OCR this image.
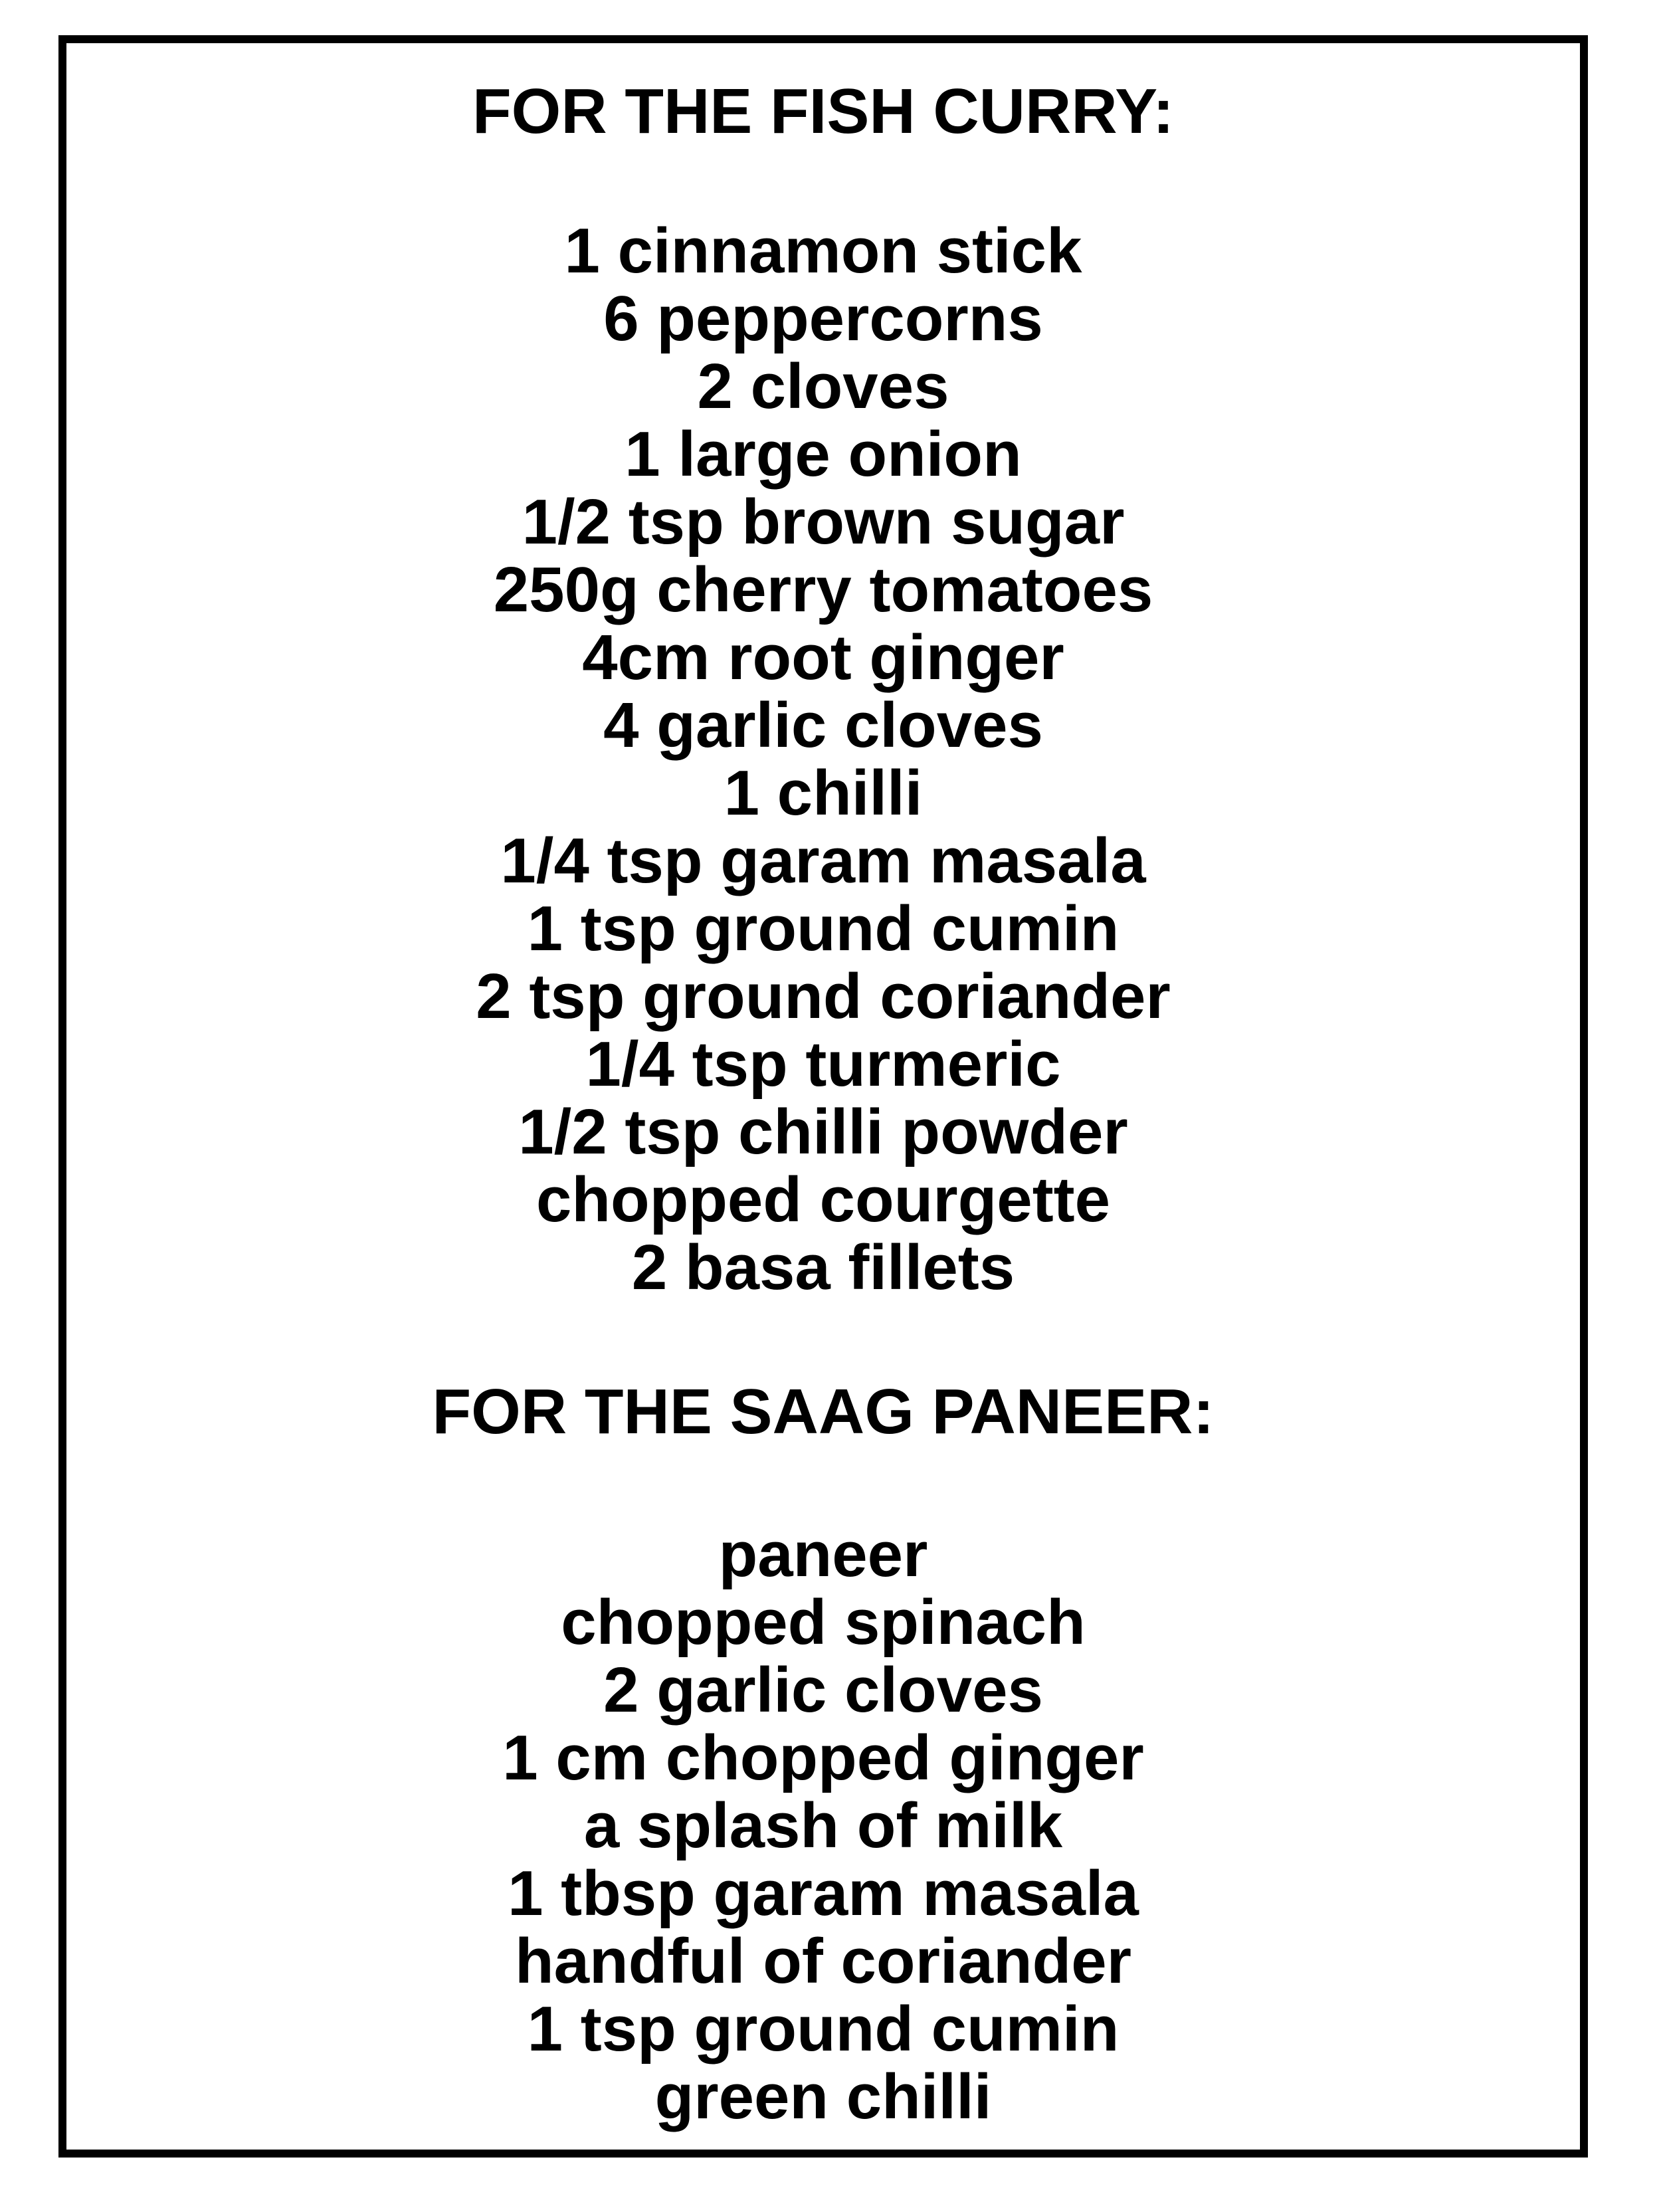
FOR THE FISH CURRY:
1 cinnamon stick
6 peppercorns
2 cloves
1 large onion
1/2 tsp brown sugar
250g cherry tomatoes
4cm root ginger
4 garlic cloves
1 chilli
1/4 tsp garam masala
1 tsp ground cumin
2 tsp ground coriander
1/4 tsp turmeric
1/2 tsp chilli powder
chopped courgette
2 basa fillets
FOR THE SAAG PANEER:
paneer
chopped spinach
2 garlic cloves
1 cm chopped ginger
a splash of milk
1 tbsp garam masala
handful of coriander
1 tsp ground cumin
green chilli
